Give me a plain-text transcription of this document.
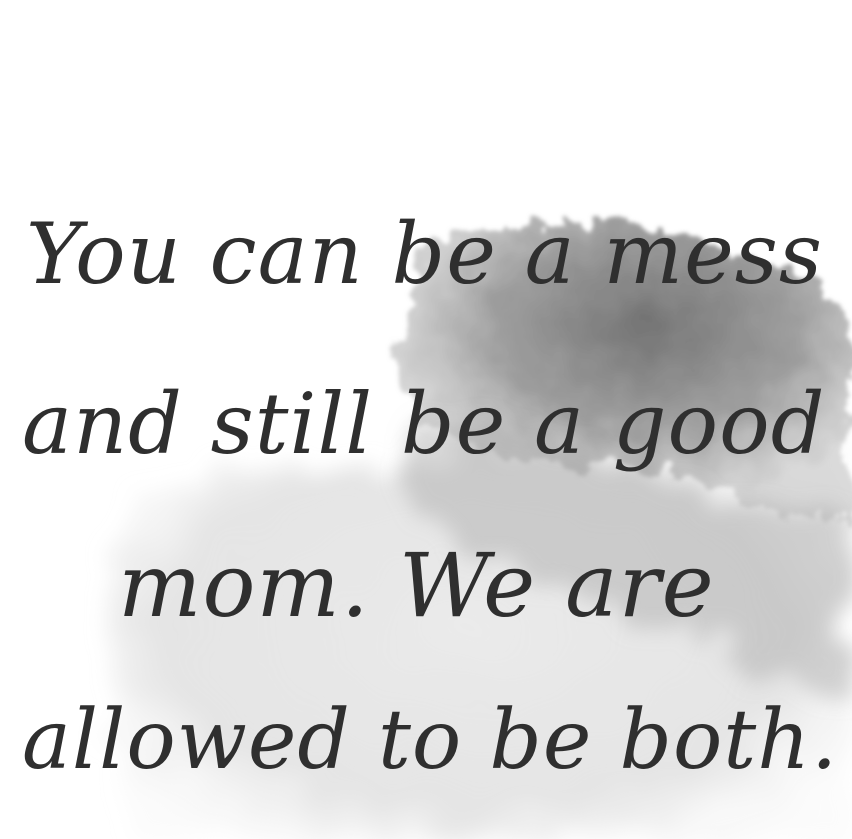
You can be a mess
and still be a good
mom. We are
allowed to be both.
